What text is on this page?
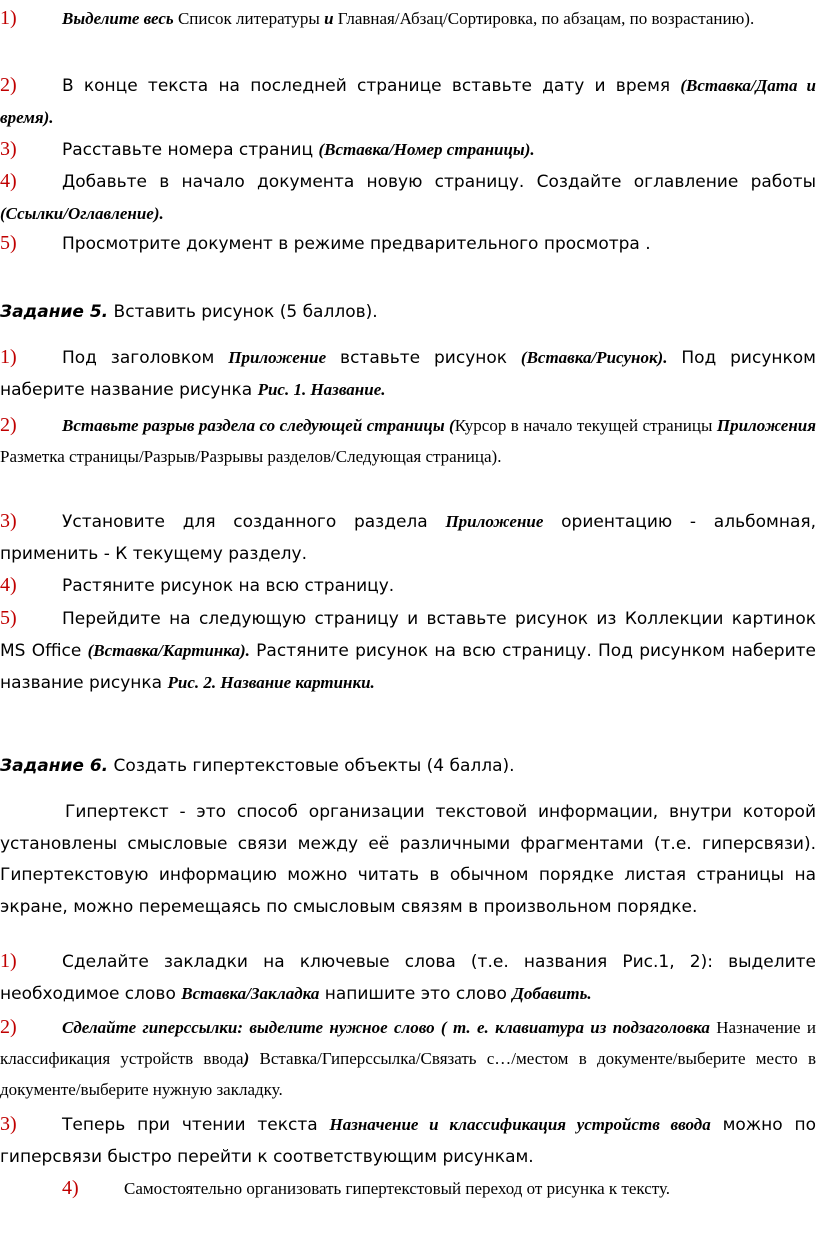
1)	Выделите весь Список литературы и Главная/Абзац/Сортировка, по абзацам, по возрастанию).
2)	В конце текста на последней странице вставьте дату и время (Вставка/Дата и время).
3)	Расставьте номера страниц (Вставка/Номер страницы).
4)	Добавьте в начало документа новую страницу. Создайте оглавление работы (Ссылки/Оглавление).
5)	Просмотрите документ в режиме предварительного просмотра .
Задание 5. Вставить рисунок (5 баллов).
1)	Под заголовком Приложение вставьте рисунок (Вставка/Рисунок). Под рисунком наберите название рисунка Рис. 1. Название.
2)	Вставьте разрыв раздела со следующей страницы (Курсор в начало текущей страницы Приложения Разметка страницы/Разрыв/Разрывы разделов/Следующая страница).
3)	Установите для созданного раздела Приложение ориентацию - альбомная, применить - К текущему разделу.
4)	Растяните рисунок на всю страницу.
5)	Перейдите на следующую страницу и вставьте рисунок из Коллекции картинок MS Office (Вставка/Картинка). Растяните рисунок на всю страницу. Под рисунком наберите название рисунка Рис. 2. Название картинки.
Задание 6. Создать гипертекстовые объекты (4 балла).
Гипертекст - это способ организации текстовой информации, внутри которой установлены смысловые связи между её различными фрагментами (т.е. гиперсвязи). Гипертекстовую информацию можно читать в обычном порядке листая страницы на экране, можно перемещаясь по смысловым связям в произвольном порядке.
1)	Сделайте закладки на ключевые слова (т.е. названия Рис.1, 2): выделите необходимое слово Вставка/Закладка напишите это слово Добавить.
2)	Сделайте гиперссылки: выделите нужное слово ( т. е. клавиатура из подзаголовка Назначение и классификация устройств ввода) Вставка/Гиперссылка/Связать с…/местом в документе/выберите место в документе/выберите нужную закладку.
3)	Теперь при чтении текста Назначение и классификация устройств ввода можно по гиперсвязи быстро перейти к соответствующим рисункам.
4)	Самостоятельно организовать гипертекстовый переход от рисунка к тексту.
